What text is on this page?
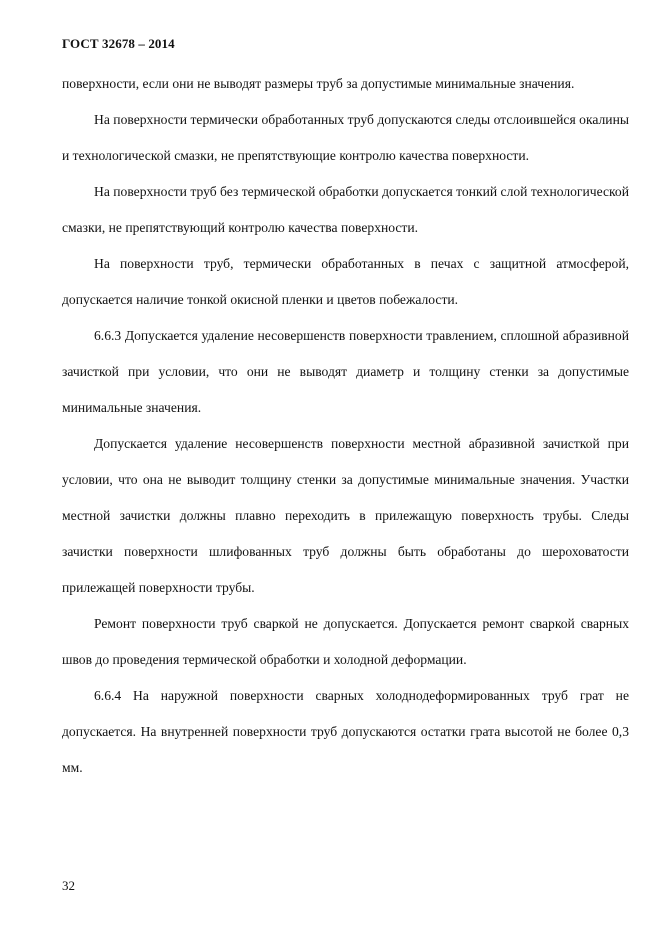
ГОСТ 32678 – 2014

поверхности, если они не выводят размеры труб за допустимые минимальные значения.

На поверхности термически обработанных труб допускаются следы отслоившейся окалины и технологической смазки, не препятствующие контролю качества поверхности.

На поверхности труб без термической обработки допускается тонкий слой технологической смазки, не препятствующий контролю качества поверхности.

На поверхности труб, термически обработанных в печах с защитной атмосферой, допускается наличие тонкой окисной пленки и цветов побежалости.

6.6.3 Допускается удаление несовершенств поверхности травлением, сплошной абразивной зачисткой при условии, что они не выводят диаметр и толщину стенки за допустимые минимальные значения.

Допускается удаление несовершенств поверхности местной абразивной зачисткой при условии, что она не выводит толщину стенки за допустимые минимальные значения. Участки местной зачистки должны плавно переходить в прилежащую поверхность трубы. Следы зачистки поверхности шлифованных труб должны быть обработаны до шероховатости прилежащей поверхности трубы.

Ремонт поверхности труб сваркой не допускается. Допускается ремонт сваркой сварных швов до проведения термической обработки и холодной деформации.

6.6.4 На наружной поверхности сварных холоднодеформированных труб грат не допускается. На внутренней поверхности труб допускаются остатки грата высотой не более 0,3 мм.

32
